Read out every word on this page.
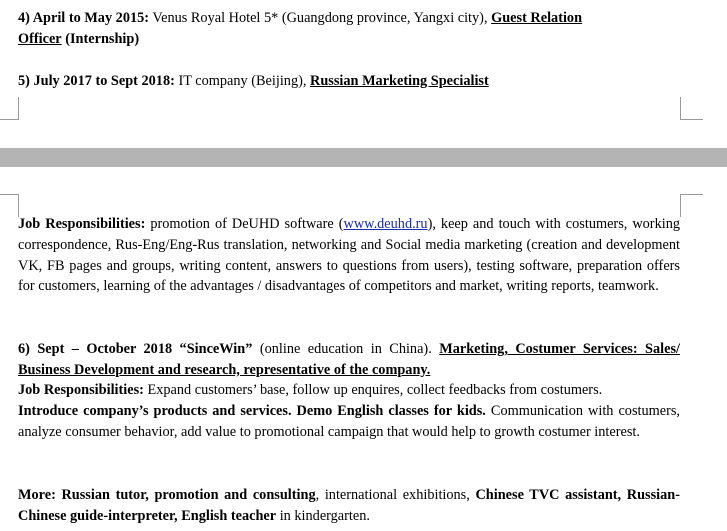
4) April to May 2015: Venus Royal Hotel 5* (Guangdong province, Yangxi city), Guest Relation
Officer (Internship)
5) July 2017 to Sept 2018: IT company (Beijing), Russian Marketing Specialist
Job Responsibilities: promotion of DeUHD software (www.deuhd.ru), keep and touch with costumers, working correspondence, Rus-Eng/Eng-Rus translation, networking and Social media marketing (creation and development VK, FB pages and groups, writing content, answers to questions from users), testing software, preparation offers for customers, learning of the advantages / disadvantages of competitors and market, writing reports, teamwork.
6) Sept – October 2018 “SinceWin” (online education in China). Marketing, Costumer Services: Sales/ Business Development and research, representative of the company.
Job Responsibilities: Expand customers’ base, follow up enquires, collect feedbacks from costumers.
Introduce company’s products and services. Demo English classes for kids. Communication with costumers, analyze consumer behavior, add value to promotional campaign that would help to growth costumer interest.
More: Russian tutor, promotion and consulting, international exhibitions, Chinese TVC assistant, Russian-Chinese guide-interpreter, English teacher in kindergarten.
